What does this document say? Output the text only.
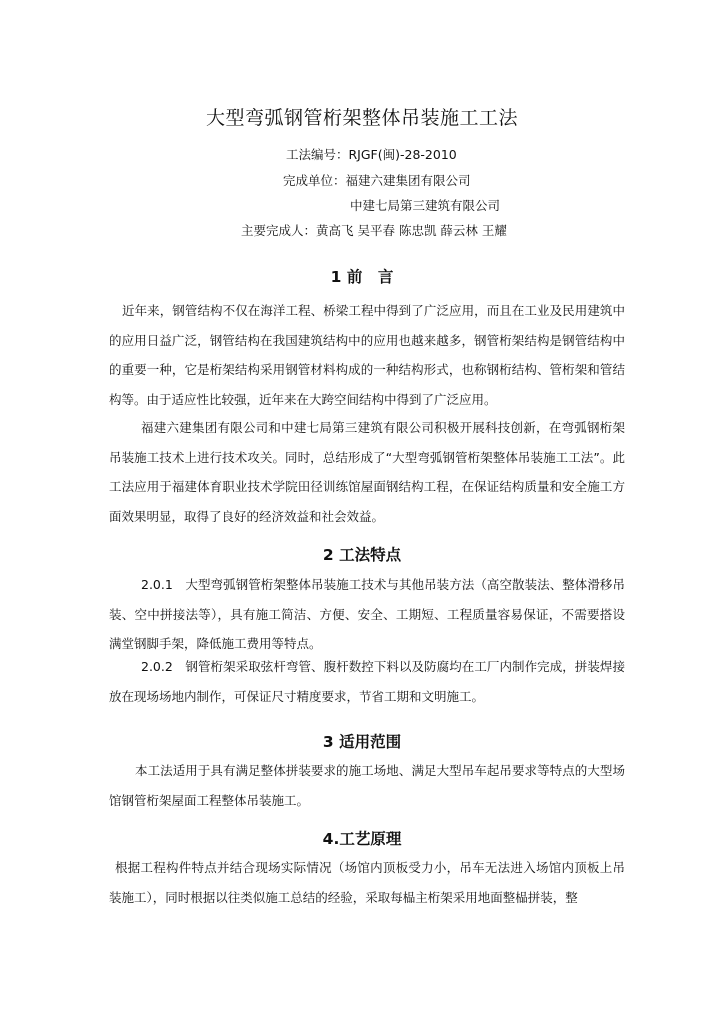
大型弯弧钢管桁架整体吊装施工工法
工法编号：RJGF(闽)-28-2010
完成单位：福建六建集团有限公司
中建七局第三建筑有限公司
主要完成人：黄高飞 吴平春 陈忠凯 薛云林 王耀
1 前　言
近年来，钢管结构不仅在海洋工程、桥梁工程中得到了广泛应用，而且在工业及民用建筑中的应用日益广泛，钢管结构在我国建筑结构中的应用也越来越多，钢管桁架结构是钢管结构中的重要一种，它是桁架结构采用钢管材料构成的一种结构形式，也称钢桁结构、管桁架和管结构等。由于适应性比较强，近年来在大跨空间结构中得到了广泛应用。
福建六建集团有限公司和中建七局第三建筑有限公司积极开展科技创新，在弯弧钢桁架吊装施工技术上进行技术攻关。同时，总结形成了“大型弯弧钢管桁架整体吊装施工工法”。此工法应用于福建体育职业技术学院田径训练馆屋面钢结构工程，在保证结构质量和安全施工方面效果明显，取得了良好的经济效益和社会效益。
2 工法特点
2.0.1　大型弯弧钢管桁架整体吊装施工技术与其他吊装方法（高空散装法、整体滑移吊装、空中拼接法等），具有施工简洁、方便、安全、工期短、工程质量容易保证，不需要搭设满堂钢脚手架，降低施工费用等特点。
2.0.2　钢管桁架采取弦杆弯管、腹杆数控下料以及防腐均在工厂内制作完成，拼装焊接放在现场场地内制作，可保证尺寸精度要求，节省工期和文明施工。
3 适用范围
本工法适用于具有满足整体拼装要求的施工场地、满足大型吊车起吊要求等特点的大型场馆钢管桁架屋面工程整体吊装施工。
4.工艺原理
根据工程构件特点并结合现场实际情况（场馆内顶板受力小，吊车无法进入场馆内顶板上吊装施工），同时根据以往类似施工总结的经验，采取每榀主桁架采用地面整榀拼装，整
